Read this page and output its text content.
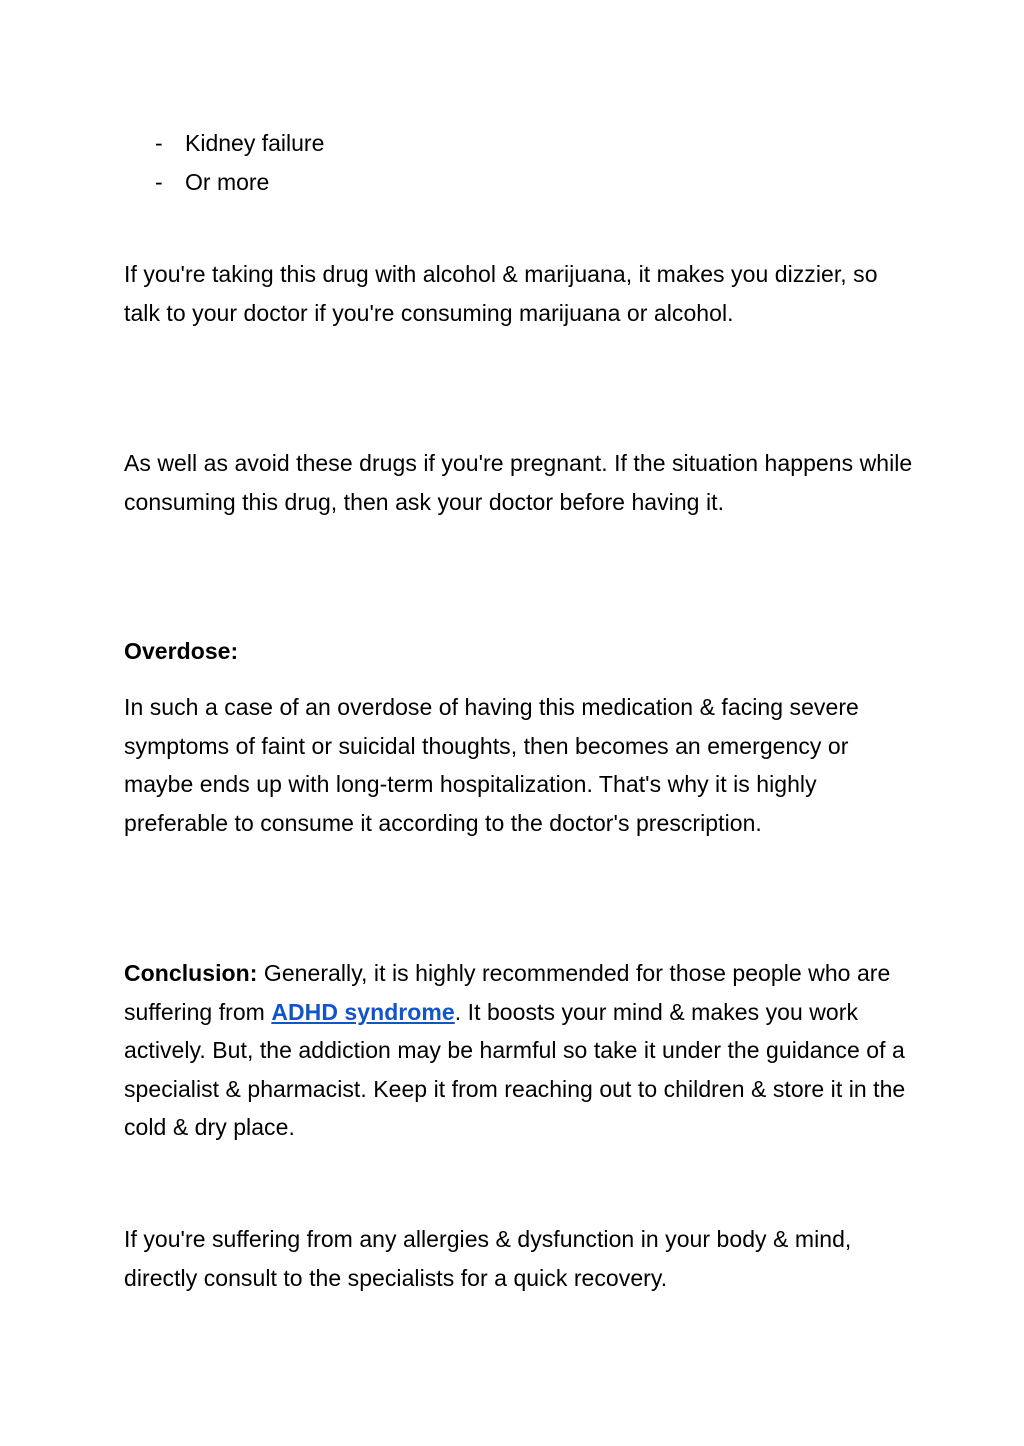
- Kidney failure
- Or more

If you're taking this drug with alcohol & marijuana, it makes you dizzier, so talk to your doctor if you're consuming marijuana or alcohol.

As well as avoid these drugs if you're pregnant. If the situation happens while consuming this drug, then ask your doctor before having it.

Overdose:

In such a case of an overdose of having this medication & facing severe symptoms of faint or suicidal thoughts, then becomes an emergency or maybe ends up with long-term hospitalization. That's why it is highly preferable to consume it according to the doctor's prescription.

Conclusion: Generally, it is highly recommended for those people who are suffering from ADHD syndrome. It boosts your mind & makes you work actively. But, the addiction may be harmful so take it under the guidance of a specialist & pharmacist. Keep it from reaching out to children & store it in the cold & dry place.

If you're suffering from any allergies & dysfunction in your body & mind, directly consult to the specialists for a quick recovery.
